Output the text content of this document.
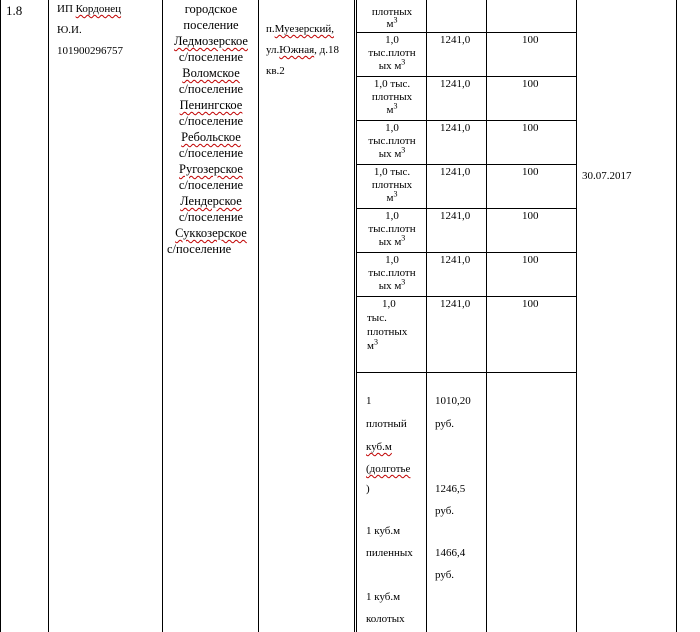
1.8	ИП Кордонец
Ю.И.
101900296757
городское
поселение
Ледмозерское
с/поселение
Воломское
с/поселение
Пенингское
с/поселение
Ребольское
с/поселение
Ругозерское
с/поселение
Лендерское
с/поселение
Суккозерское
с/поселение
п.Муезерский,
ул.Южная, д.18
кв.2
плотных
$м^3$
1,0
тыс.плотн
ых $м^3$
1,0 тыс.
плотных
$м^3$
1,0
тыс.плотн
ых $м^3$
1,0 тыс.
плотных
$м^3$
1,0
тыс.плотн
ых $м^3$
1,0
тыс.плотн
ых $м^3$
1,0
тыс.
плотных
$м^3$
1241,0
1241,0
1241,0
1241,0
1241,0
1241,0
1241,0
100
100
100
100
100
100
100
30.07.2017
1
плотный
куб.м
(долготье
)
1 куб.м
пиленных
1 куб.м
колотых
1010,20
руб.
1246,5
руб.
1466,4
руб.
